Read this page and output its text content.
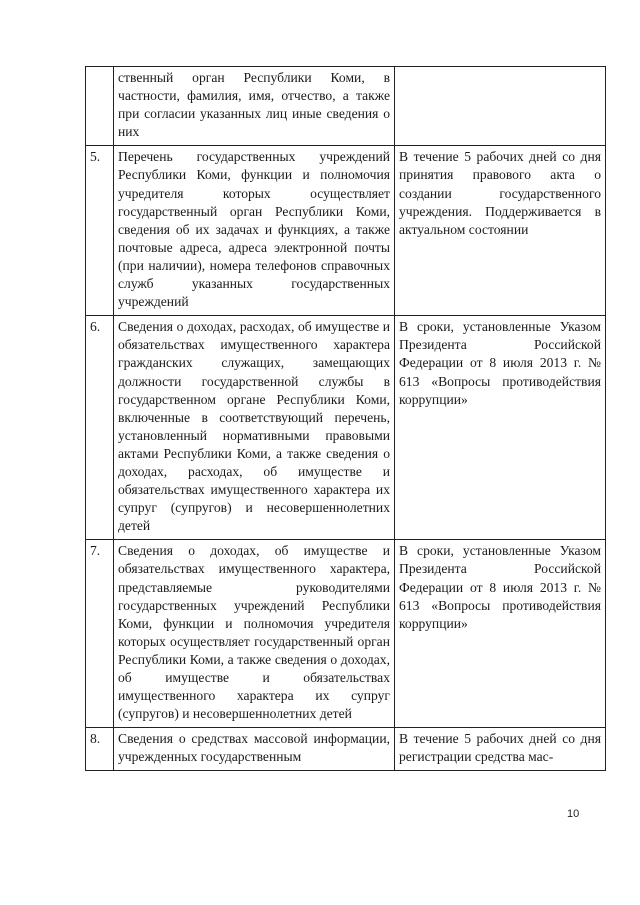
	ственный орган Республики Коми, в частности, фамилия, имя, отчество, а также при согласии указанных лиц иные сведения о них	
5.	Перечень государственных учреждений Республики Коми, функции и полномочия учредителя которых осуществляет государственный орган Республики Коми, сведения об их задачах и функциях, а также почтовые адреса, адреса электронной почты (при наличии), номера телефонов справочных служб указанных государственных учреждений	В течение 5 рабочих дней со дня принятия правового акта о создании государственного учреждения. Поддерживается в актуальном состоянии
6.	Сведения о доходах, расходах, об имуществе и обязательствах имущественного характера гражданских служащих, замещающих должности государственной службы в государственном органе Республики Коми, включенные в соответствующий перечень, установленный нормативными правовыми актами Республики Коми, а также сведения о доходах, расходах, об имуществе и обязательствах имущественного характера их супруг (супругов) и несовершеннолетних детей	В сроки, установленные Указом Президента Российской Федерации от 8 июля 2013 г. № 613 «Вопросы противодействия коррупции»
7.	Сведения о доходах, об имуществе и обязательствах имущественного характера, представляемые руководителями государственных учреждений Республики Коми, функции и полномочия учредителя которых осуществляет государственный орган Республики Коми, а также сведения о доходах, об имуществе и обязательствах имущественного характера их супруг (супругов) и несовершеннолетних детей	В сроки, установленные Указом Президента Российской Федерации от 8 июля 2013 г. № 613 «Вопросы противодействия коррупции»
8.	Сведения о средствах массовой информации, учрежденных государственным	В течение 5 рабочих дней со дня регистрации средства мас-
10
